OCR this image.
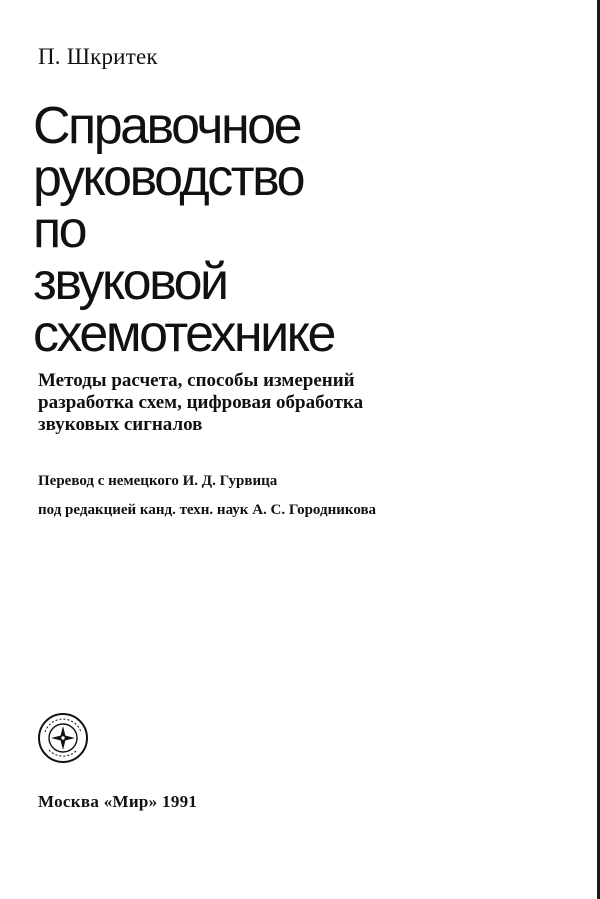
П. Шкритек
Справочное
руководство
по
звуковой
схемотехнике
Методы расчета, способы измерений
разработка схем, цифровая обработка
звуковых сигналов
Перевод с немецкого И. Д. Гурвица
под редакцией канд. техн. наук А. С. Городникова
Москва «Мир» 1991
